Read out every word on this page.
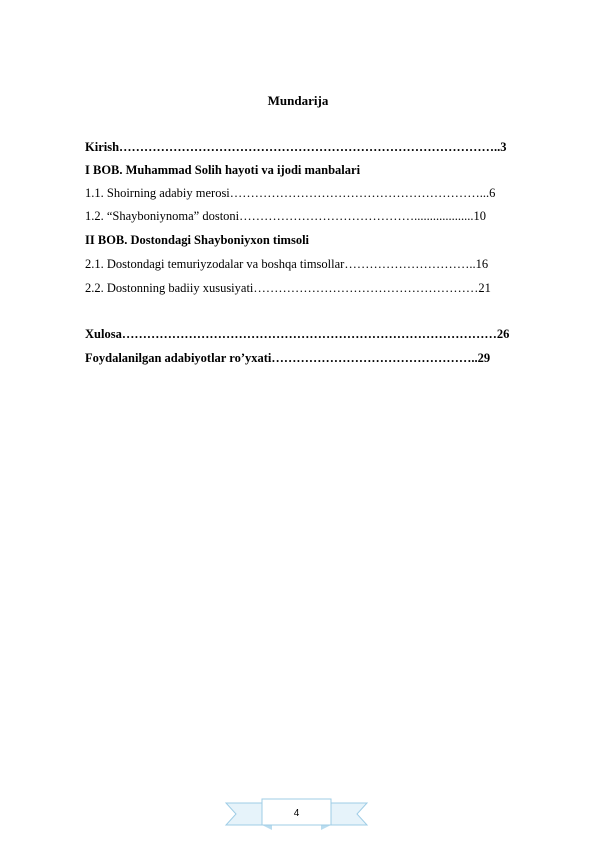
Mundarija
Kirish………………………………………………………………………………..3
I BOB. Muhammad Solih hayoti va ijodi manbalari
1.1. Shoirning adabiy merosi……………………………………………………...6
1.2. “Shayboniynoma” dostoni……………………………………...................10
II BOB. Dostondagi Shayboniyxon timsoli
2.1. Dostondagi temuriyzodalar va boshqa timsollar…………………………..16
2.2. Dostonning badiiy xususiyati………………………………………………21
Xulosa………………………………………………………………………………26
Foydalanilgan adabiyotlar ro’yxati…………………………………………..29
4
